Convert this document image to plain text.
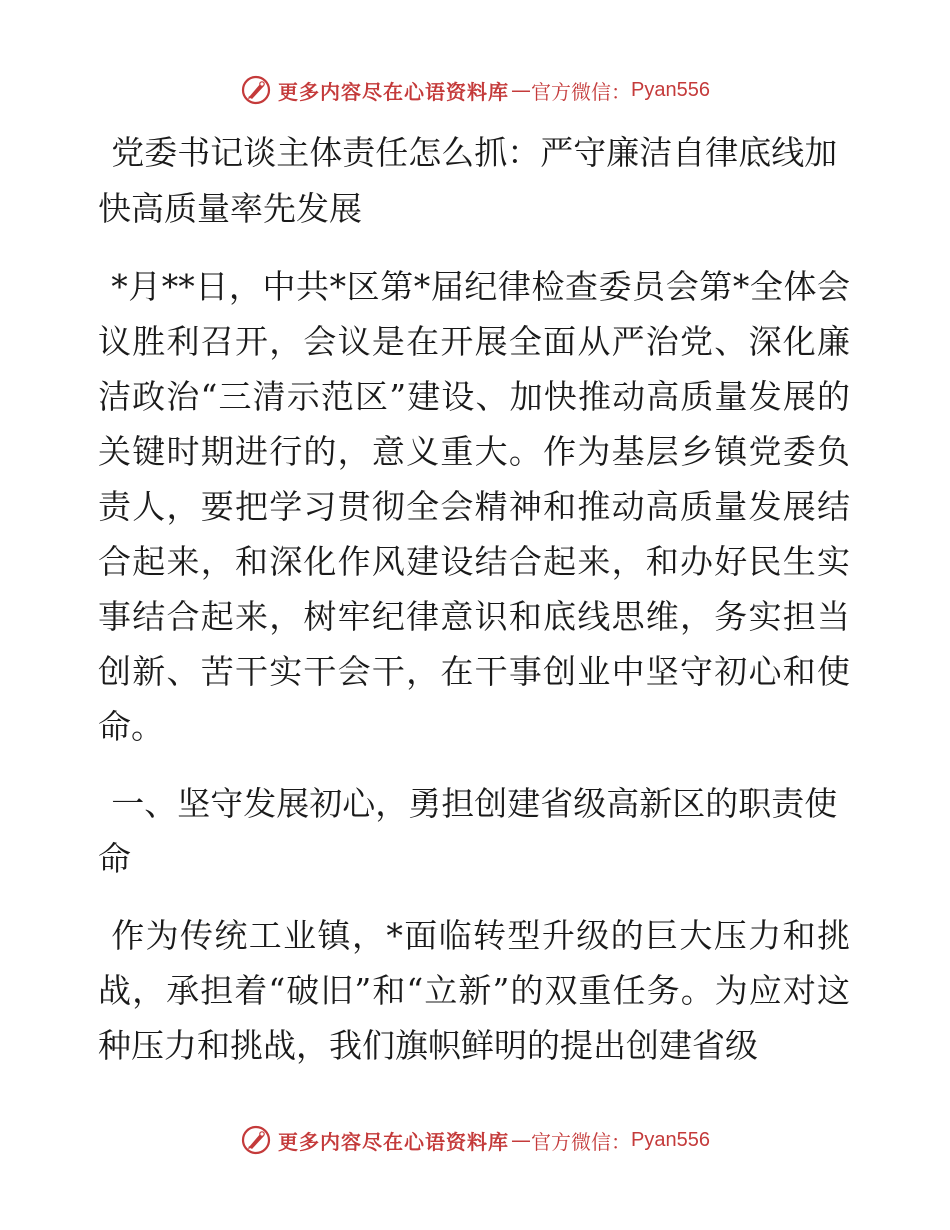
更多内容尽在心语资料库 — 官方微信： Pyan556
党委书记谈主体责任怎么抓：严守廉洁自律底线加快高质量率先发展

*月**日，中共*区第*届纪律检查委员会第*全体会议胜利召开，会议是在开展全面从严治党、深化廉洁政治“三清示范区”建设、加快推动高质量发展的关键时期进行的，意义重大。作为基层乡镇党委负责人，要把学习贯彻全会精神和推动高质量发展结合起来，和深化作风建设结合起来，和办好民生实事结合起来，树牢纪律意识和底线思维，务实担当创新、苦干实干会干，在干事创业中坚守初心和使命。

一、坚守发展初心，勇担创建省级高新区的职责使命

作为传统工业镇，*面临转型升级的巨大压力和挑战，承担着“破旧”和“立新”的双重任务。为应对这种压力和挑战，我们旗帜鲜明的提出创建省级

更多内容尽在心语资料库 — 官方微信： Pyan556
